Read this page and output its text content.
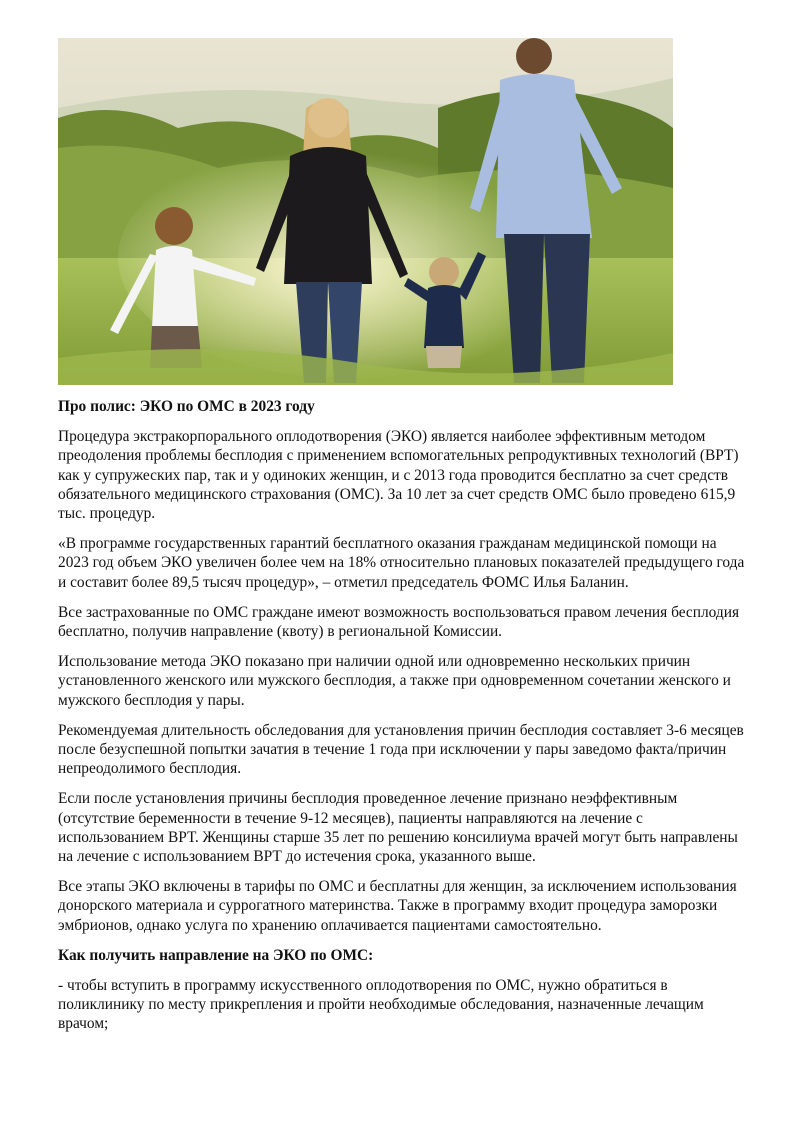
Про полис: ЭКО по ОМС в 2023 году

Процедура экстракорпорального оплодотворения (ЭКО) является наиболее эффективным методом преодоления проблемы бесплодия с применением вспомогательных репродуктивных технологий (ВРТ) как у супружеских пар, так и у одиноких женщин, и с 2013 года проводится бесплатно за счет средств обязательного медицинского страхования (ОМС). За 10 лет за счет средств ОМС было проведено 615,9 тыс. процедур.

«В программе государственных гарантий бесплатного оказания гражданам медицинской помощи на 2023 год объем ЭКО увеличен более чем на 18% относительно плановых показателей предыдущего года и составит более 89,5 тысяч процедур», – отметил председатель ФОМС Илья Баланин.

Все застрахованные по ОМС граждане имеют возможность воспользоваться правом лечения бесплодия бесплатно, получив направление (квоту) в региональной Комиссии.

Использование метода ЭКО показано при наличии одной или одновременно нескольких причин установленного женского или мужского бесплодия, а также при одновременном сочетании женского и мужского бесплодия у пары.

Рекомендуемая длительность обследования для установления причин бесплодия составляет 3-6 месяцев после безуспешной попытки зачатия в течение 1 года при исключении у пары заведомо факта/причин непреодолимого бесплодия.

Если после установления причины бесплодия проведенное лечение признано неэффективным (отсутствие беременности в течение 9-12 месяцев), пациенты направляются на лечение с использованием ВРТ. Женщины старше 35 лет по решению консилиума врачей могут быть направлены на лечение с использованием ВРТ до истечения срока, указанного выше.

Все этапы ЭКО включены в тарифы по ОМС и бесплатны для женщин, за исключением использования донорского материала и суррогатного материнства. Также в программу входит процедура заморозки эмбрионов, однако услуга по хранению оплачивается пациентами самостоятельно.

Как получить направление на ЭКО по ОМС:

- чтобы вступить в программу искусственного оплодотворения по ОМС, нужно обратиться в поликлинику по месту прикрепления и пройти необходимые обследования, назначенные лечащим врачом;
